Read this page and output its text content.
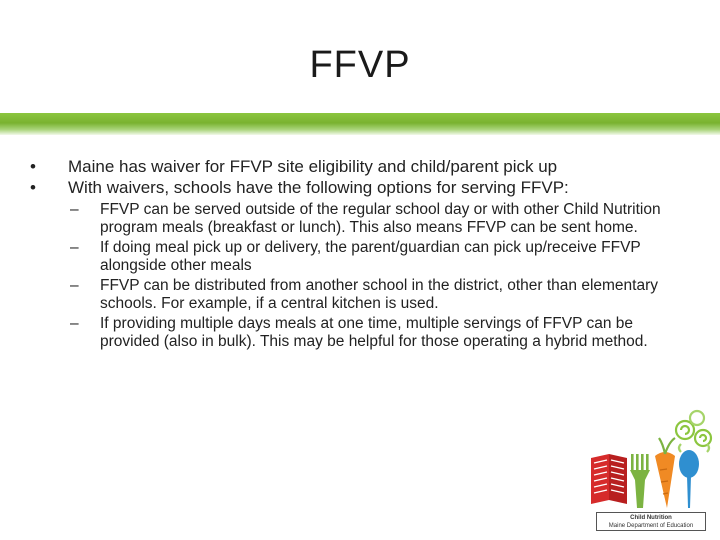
FFVP

•	Maine has waiver for FFVP site eligibility and child/parent pick up

•	With waivers, schools have the following options for serving FFVP:

– FFVP can be served outside of the regular school day or with other Child Nutrition program meals (breakfast or lunch). This also means FFVP can be sent home.

– If doing meal pick up or delivery, the parent/guardian can pick up/receive FFVP alongside other meals

– FFVP can be distributed from another school in the district, other than elementary schools. For example, if a central kitchen is used.

– If providing multiple days meals at one time, multiple servings of FFVP can be provided (also in bulk). This may be helpful for those operating a hybrid method.

Child Nutrition
Maine Department of Education
